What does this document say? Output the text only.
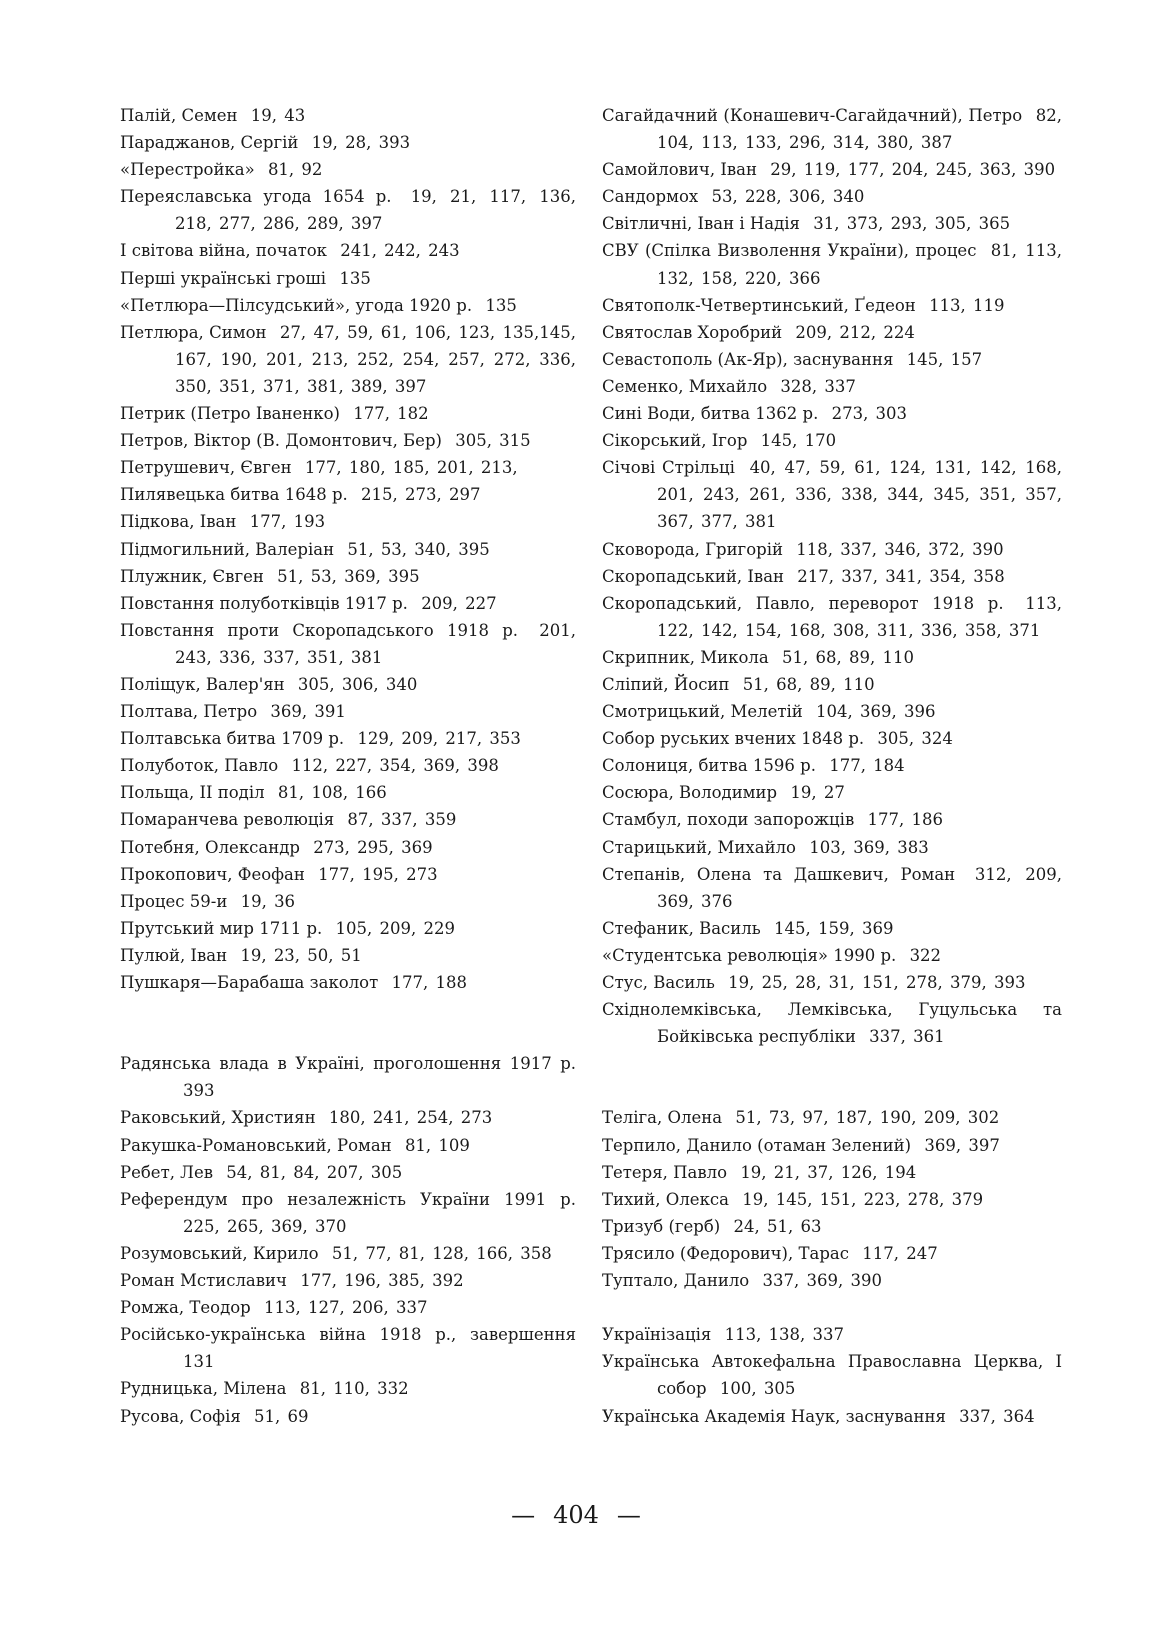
Палій, Семен 19, 43

Параджанов, Сергій 19, 28, 393

«Перестройка» 81, 92

Переяславська угода 1654 р. 19, 21, 117, 136, 218, 277, 286, 289, 397

І світова війна, початок 241, 242, 243

Перші українські гроші 135

«Петлюра—Пілсудський», угода 1920 р. 135

Петлюра, Симон 27, 47, 59, 61, 106, 123, 135,145, 167, 190, 201, 213, 252, 254, 257, 272, 336, 350, 351, 371, 381, 389, 397

Петрик (Петро Іваненко) 177, 182

Петров, Віктор (В. Домонтович, Бер) 305, 315

Петрушевич, Євген 177, 180, 185, 201, 213,

Пилявецька битва 1648 р. 215, 273, 297

Підкова, Іван 177, 193

Підмогильний, Валеріан 51, 53, 340, 395

Плужник, Євген 51, 53, 369, 395

Повстання полуботківців 1917 р. 209, 227

Повстання проти Скоропадського 1918 р. 201, 243, 336, 337, 351, 381

Поліщук, Валер'ян 305, 306, 340

Полтава, Петро 369, 391

Полтавська битва 1709 р. 129, 209, 217, 353

Полуботок, Павло 112, 227, 354, 369, 398

Польща, ІІ поділ 81, 108, 166

Помаранчева революція 87, 337, 359

Потебня, Олександр 273, 295, 369

Прокопович, Феофан 177, 195, 273

Процес 59-и 19, 36

Прутський мир 1711 р. 105, 209, 229

Пулюй, Іван 19, 23, 50, 51

Пушкаря—Барабаша заколот 177, 188

Радянська влада в Україні, проголошення 1917 р. 393

Раковський, Християн 180, 241, 254, 273

Ракушка-Романовський, Роман 81, 109

Ребет, Лев 54, 81, 84, 207, 305

Референдум про незалежність України 1991 р. 225, 265, 369, 370

Розумовський, Кирило 51, 77, 81, 128, 166, 358

Роман Мстиславич 177, 196, 385, 392

Ромжа, Теодор 113, 127, 206, 337

Російсько-українська війна 1918 р., завершення 131

Рудницька, Мілена 81, 110, 332

Русова, Софія 51, 69

Сагайдачний (Конашевич-Сагайдачний), Петро 82, 104, 113, 133, 296, 314, 380, 387

Самойлович, Іван 29, 119, 177, 204, 245, 363, 390

Сандормох 53, 228, 306, 340

Світличні, Іван і Надія 31, 373, 293, 305, 365

СВУ (Спілка Визволення України), процес 81, 113, 132, 158, 220, 366

Святополк-Четвертинський, Ґедеон 113, 119

Святослав Хоробрий 209, 212, 224

Севастополь (Ак-Яр), заснування 145, 157

Семенко, Михайло 328, 337

Сині Води, битва 1362 р. 273, 303

Сікорський, Ігор 145, 170

Січові Стрільці 40, 47, 59, 61, 124, 131, 142, 168, 201, 243, 261, 336, 338, 344, 345, 351, 357, 367, 377, 381

Сковорода, Григорій 118, 337, 346, 372, 390

Скоропадський, Іван 217, 337, 341, 354, 358

Скоропадський, Павло, переворот 1918 р. 113, 122, 142, 154, 168, 308, 311, 336, 358, 371

Скрипник, Микола 51, 68, 89, 110

Сліпий, Йосип 51, 68, 89, 110

Смотрицький, Мелетій 104, 369, 396

Собор руських вчених 1848 р. 305, 324

Солониця, битва 1596 р. 177, 184

Сосюра, Володимир 19, 27

Стамбул, походи запорожців 177, 186

Старицький, Михайло 103, 369, 383

Степанів, Олена та Дашкевич, Роман 312, 209, 369, 376

Стефаник, Василь 145, 159, 369

«Студентська революція» 1990 р. 322

Стус, Василь 19, 25, 28, 31, 151, 278, 379, 393

Східнолемківська, Лемківська, Гуцульська та Бойківська республіки 337, 361

Теліга, Олена 51, 73, 97, 187, 190, 209, 302

Терпило, Данило (отаман Зелений) 369, 397

Тетеря, Павло 19, 21, 37, 126, 194

Тихий, Олекса 19, 145, 151, 223, 278, 379

Тризуб (герб) 24, 51, 63

Трясило (Федорович), Тарас 117, 247

Туптало, Данило 337, 369, 390

Українізація 113, 138, 337

Українська Автокефальна Православна Церква, І собор 100, 305

Українська Академія Наук, заснування 337, 364

— 404 —
